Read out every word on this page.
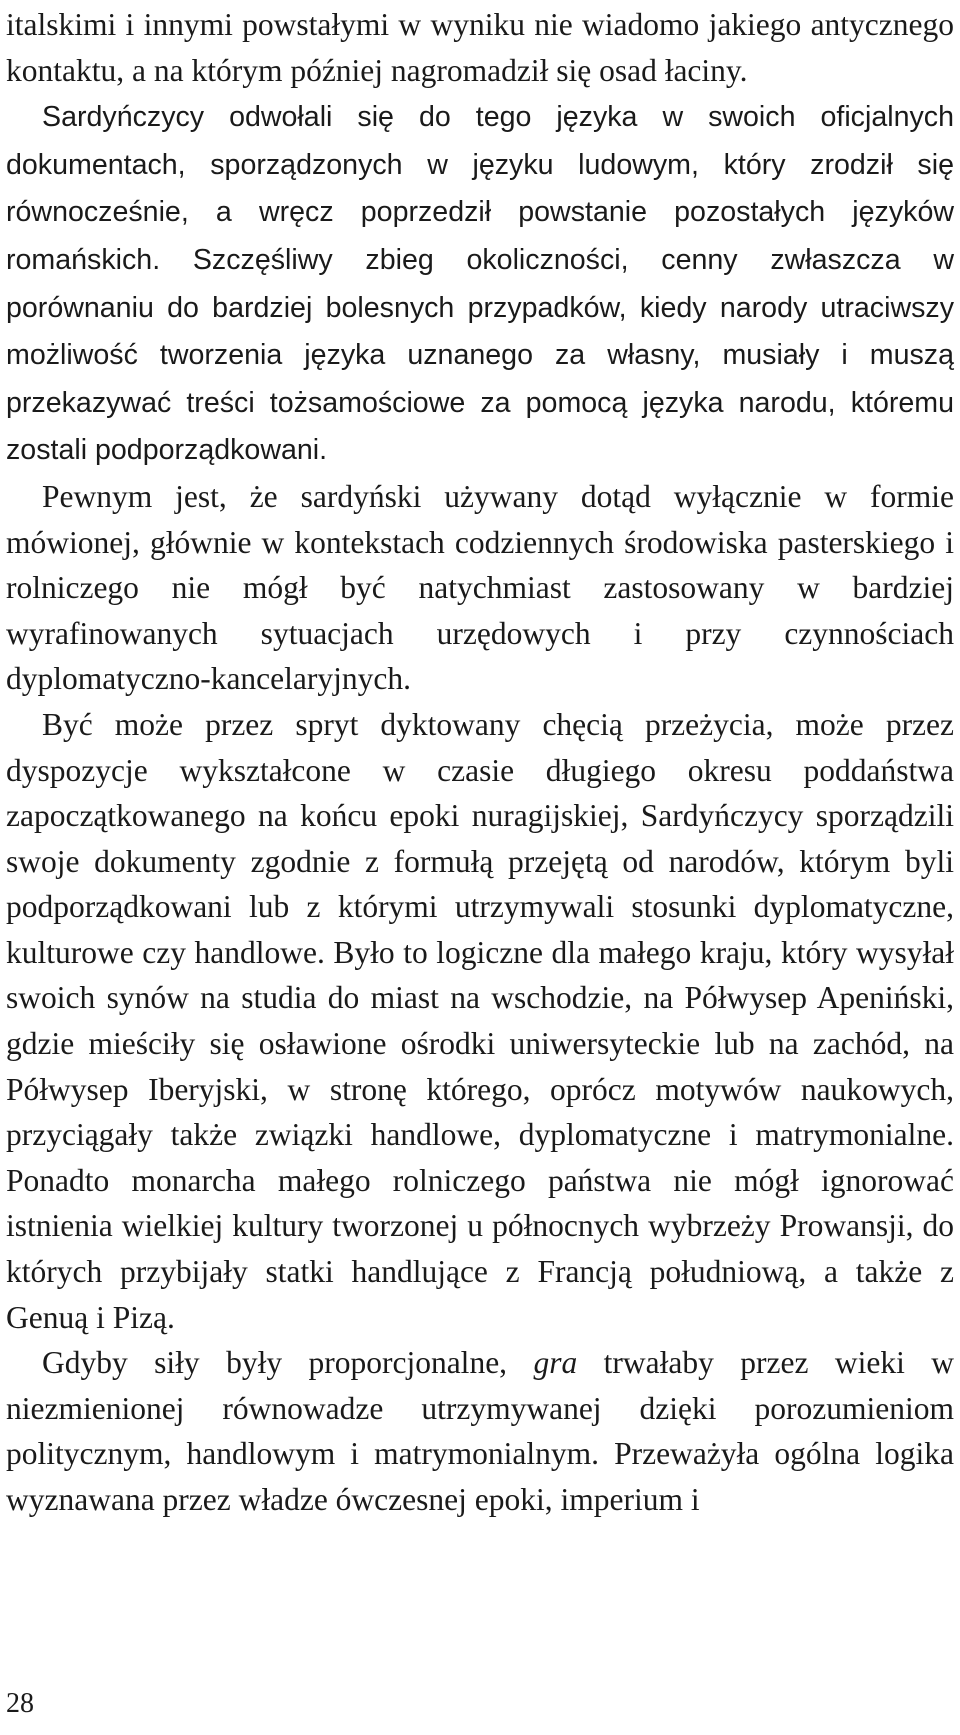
italskimi i innymi powstałymi w wyniku nie wiadomo jakiego antycznego kontaktu, a na którym później nagromadził się osad łaciny.

Sardyńczycy odwołali się do tego języka w swoich oficjalnych dokumentach, sporządzonych w języku ludowym, który zrodził się równocześnie, a wręcz poprzedził powstanie pozostałych języków romańskich. Szczęśliwy zbieg okoliczności, cenny zwłaszcza w porównaniu do bardziej bolesnych przypadków, kiedy narody utraciwszy możliwość tworzenia języka uznanego za własny, musiały i muszą przekazywać treści tożsamościowe za pomocą języka narodu, któremu zostali podporządkowani.

Pewnym jest, że sardyński używany dotąd wyłącznie w formie mówionej, głównie w kontekstach codziennych środowiska pasterskiego i rolniczego nie mógł być natychmiast zastosowany w bardziej wyrafinowanych sytuacjach urzędowych i przy czynnościach dyplomatyczno-kancelaryjnych.

Być może przez spryt dyktowany chęcią przeżycia, może przez dyspozycje wykształcone w czasie długiego okresu poddaństwa zapoczątkowanego na końcu epoki nuragijskiej, Sardyńczycy sporządzili swoje dokumenty zgodnie z formułą przejętą od narodów, którym byli podporządkowani lub z którymi utrzymywali stosunki dyplomatyczne, kulturowe czy handlowe. Było to logiczne dla małego kraju, który wysyłał swoich synów na studia do miast na wschodzie, na Półwysep Apeniński, gdzie mieściły się osławione ośrodki uniwersyteckie lub na zachód, na Półwysep Iberyjski, w stronę którego, oprócz motywów naukowych, przyciągały także związki handlowe, dyplomatyczne i matrymonialne. Ponadto monarcha małego rolniczego państwa nie mógł ignorować istnienia wielkiej kultury tworzonej u północnych wybrzeży Prowansji, do których przybijały statki handlujące z Francją południową, a także z Genuą i Pizą.

Gdyby siły były proporcjonalne, gra trwałaby przez wieki w niezmienionej równowadze utrzymywanej dzięki porozumieniom politycznym, handlowym i matrymonialnym. Przeważyła ogólna logika wyznawana przez władze ówczesnej epoki, imperium i

28
